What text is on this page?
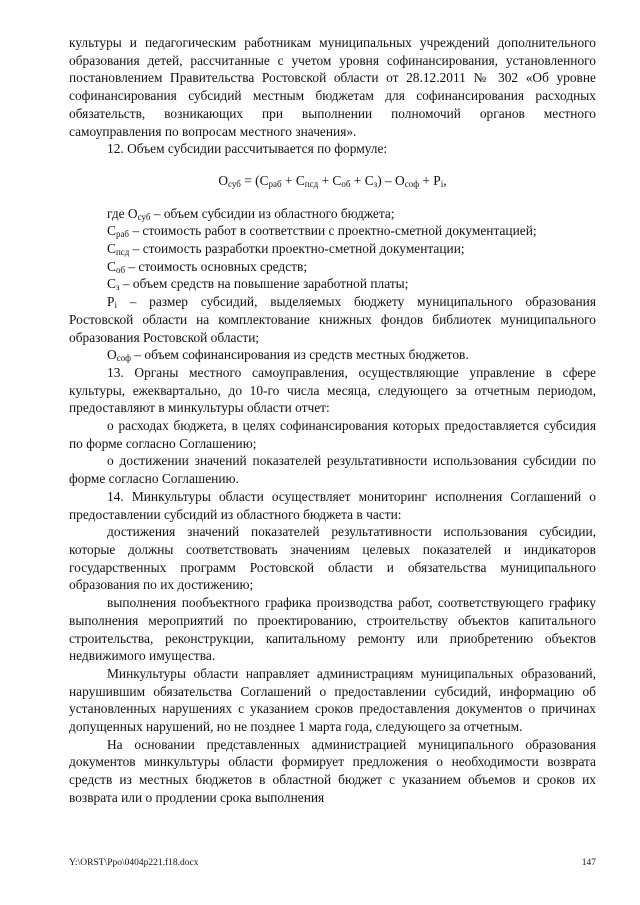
культуры и педагогическим работникам муниципальных учреждений дополнительного образования детей, рассчитанные с учетом уровня софинансирования, установленного постановлением Правительства Ростовской области от 28.12.2011 № 302 «Об уровне софинансирования субсидий местным бюджетам для софинансирования расходных обязательств, возникающих при выполнении полномочий органов местного самоуправления по вопросам местного значения».

12. Объем субсидии рассчитывается по формуле:

$О_{суб} = (С_{раб} + С_{псд} + С_{об} + С_з) - О_{соф} + Р_i$,

где $О_{суб}$ – объем субсидии из областного бюджета;

$С_{раб}$ – стоимость работ в соответствии с проектно-сметной документацией;

$С_{псд}$ – стоимость разработки проектно-сметной документации;

$С_{об}$ – стоимость основных средств;

$С_з$ – объем средств на повышение заработной платы;

$Р_i$ – размер субсидий, выделяемых бюджету муниципального образования Ростовской области на комплектование книжных фондов библиотек муниципального образования Ростовской области;

$О_{соф}$ – объем софинансирования из средств местных бюджетов.

13. Органы местного самоуправления, осуществляющие управление в сфере культуры, ежеквартально, до 10-го числа месяца, следующего за отчетным периодом, предоставляют в минкультуры области отчет:

о расходах бюджета, в целях софинансирования которых предоставляется субсидия по форме согласно Соглашению;

о достижении значений показателей результативности использования субсидии по форме согласно Соглашению.

14. Минкультуры области осуществляет мониторинг исполнения Соглашений о предоставлении субсидий из областного бюджета в части:

достижения значений показателей результативности использования субсидии, которые должны соответствовать значениям целевых показателей и индикаторов государственных программ Ростовской области и обязательства муниципального образования по их достижению;

выполнения пообъектного графика производства работ, соответствующего графику выполнения мероприятий по проектированию, строительству объектов капитального строительства, реконструкции, капитальному ремонту или приобретению объектов недвижимого имущества.

Минкультуры области направляет администрациям муниципальных образований, нарушившим обязательства Соглашений о предоставлении субсидий, информацию об установленных нарушениях с указанием сроков предоставления документов о причинах допущенных нарушений, но не позднее 1 марта года, следующего за отчетным.

На основании представленных администрацией муниципального образования документов минкультуры области формирует предложения о необходимости возврата средств из местных бюджетов в областной бюджет с указанием объемов и сроков их возврата или о продлении срока выполнения

Y:\ORST\Ppo\0404p221.f18.docx	147
